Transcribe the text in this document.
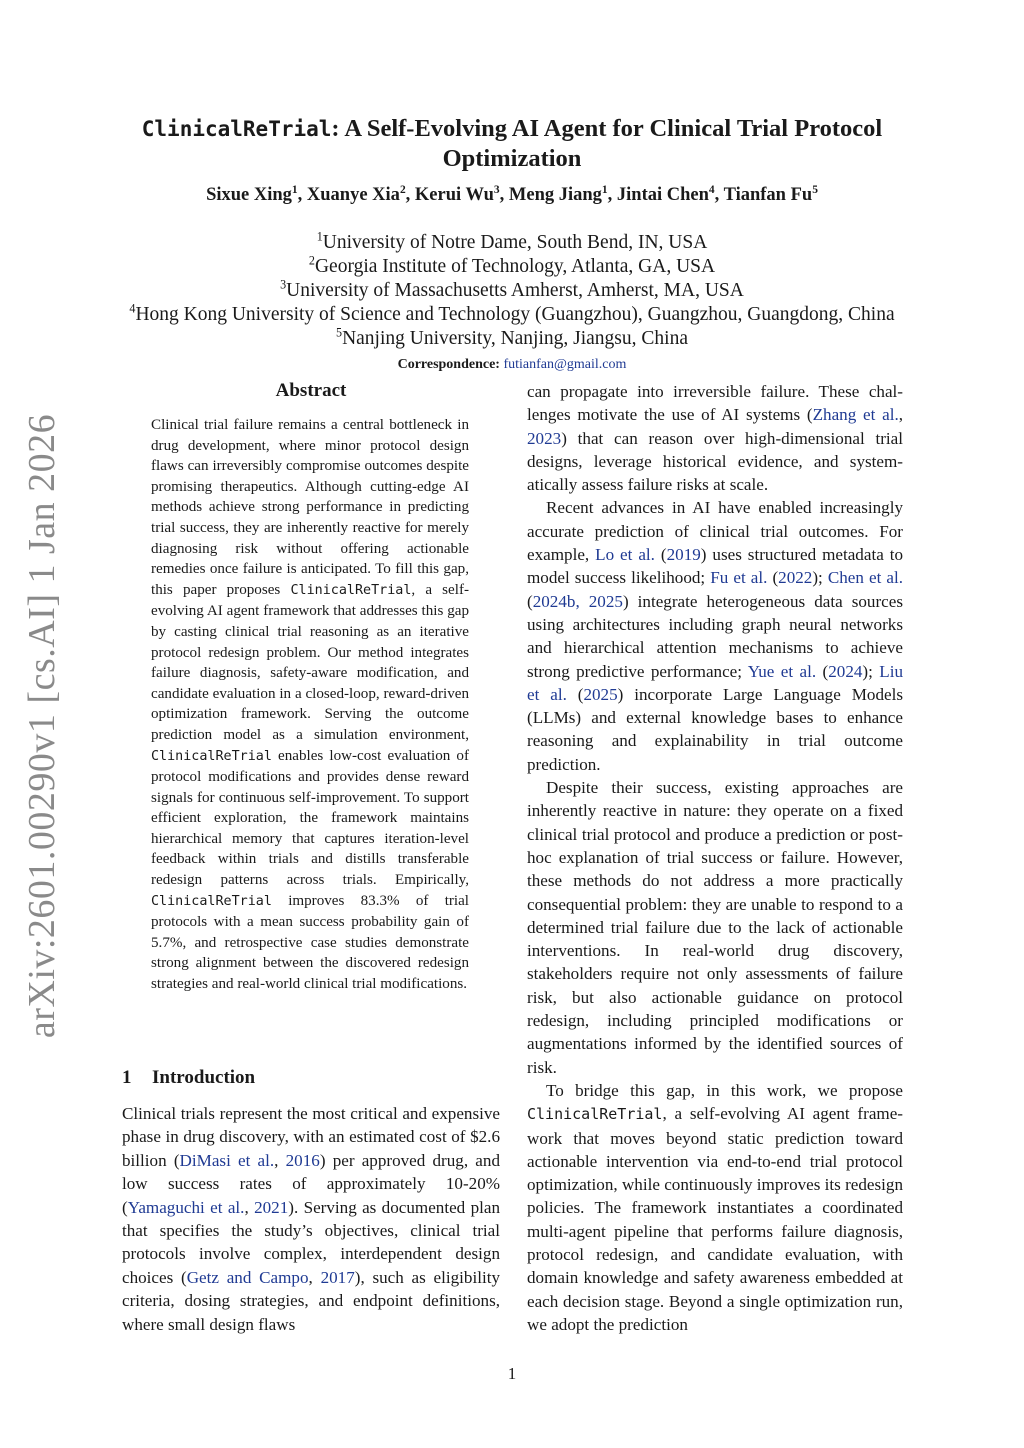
arXiv:2601.00290v1 [cs.AI] 1 Jan 2026
ClinicalReTrial: A Self-Evolving AI Agent for Clinical Trial Protocol Optimization
Sixue Xing$^1$, Xuanye Xia$^2$, Kerui Wu$^3$, Meng Jiang$^1$, Jintai Chen$^4$, Tianfan Fu$^5$
$^1$University of Notre Dame, South Bend, IN, USA
$^2$Georgia Institute of Technology, Atlanta, GA, USA
$^3$University of Massachusetts Amherst, Amherst, MA, USA
$^4$Hong Kong University of Science and Technology (Guangzhou), Guangzhou, Guangdong, China
$^5$Nanjing University, Nanjing, Jiangsu, China
Correspondence: futianfan@gmail.com
Abstract
Clinical trial failure remains a central bottleneck in drug development, where minor protocol design flaws can irreversibly compromise outcomes despite promising therapeutics. Although cutting-edge AI methods achieve strong performance in predicting trial success, they are inherently reactive for merely diagnosing risk without offering actionable remedies once failure is anticipated. To fill this gap, this paper proposes ClinicalReTrial, a self-evolving AI agent framework that addresses this gap by casting clinical trial reasoning as an iterative protocol redesign problem. Our method integrates failure diagnosis, safety-aware modification, and candidate evaluation in a closed-loop, reward-driven optimization framework. Serving the outcome prediction model as a simulation environment, ClinicalReTrial enables low-cost evaluation of protocol modifications and provides dense reward signals for continuous self-improvement. To support efficient exploration, the framework maintains hierarchical memory that captures iteration-level feedback within trials and distills transferable redesign patterns across trials. Empirically, ClinicalReTrial improves 83.3% of trial protocols with a mean success probability gain of 5.7%, and retrospective case studies demonstrate strong alignment between the discovered redesign strategies and real-world clinical trial modifications.
1 Introduction
Clinical trials represent the most critical and expensive phase in drug discovery, with an estimated cost of $2.6 billion (DiMasi et al., 2016) per approved drug, and low success rates of approximately 10-20% (Yamaguchi et al., 2021). Serving as documented plan that specifies the study’s objectives, clinical trial protocols involve complex, interdependent design choices (Getz and Campo, 2017), such as eligibility criteria, dosing strategies, and endpoint definitions, where small design flaws

can propagate into irreversible failure. These challenges motivate the use of AI systems (Zhang et al., 2023) that can reason over high-dimensional trial designs, leverage historical evidence, and systematically assess failure risks at scale.

Recent advances in AI have enabled increasingly accurate prediction of clinical trial outcomes. For example, Lo et al. (2019) uses structured metadata to model success likelihood; Fu et al. (2022); Chen et al. (2024b, 2025) integrate heterogeneous data sources using architectures including graph neural networks and hierarchical attention mechanisms to achieve strong predictive performance; Yue et al. (2024); Liu et al. (2025) incorporate Large Language Models (LLMs) and external knowledge bases to enhance reasoning and explainability in trial outcome prediction.

Despite their success, existing approaches are inherently reactive in nature: they operate on a fixed clinical trial protocol and produce a prediction or post-hoc explanation of trial success or failure. However, these methods do not address a more practically consequential problem: they are unable to respond to a determined trial failure due to the lack of actionable interventions. In real-world drug discovery, stakeholders require not only assessments of failure risk, but also actionable guidance on protocol redesign, including principled modifications or augmentations informed by the identified sources of risk.

To bridge this gap, in this work, we propose ClinicalReTrial, a self-evolving AI agent framework that moves beyond static prediction toward actionable intervention via end-to-end trial protocol optimization, while continuously improves its redesign policies. The framework instantiates a coordinated multi-agent pipeline that performs failure diagnosis, protocol redesign, and candidate evaluation, with domain knowledge and safety awareness embedded at each decision stage. Beyond a single optimization run, we adopt the prediction

1
